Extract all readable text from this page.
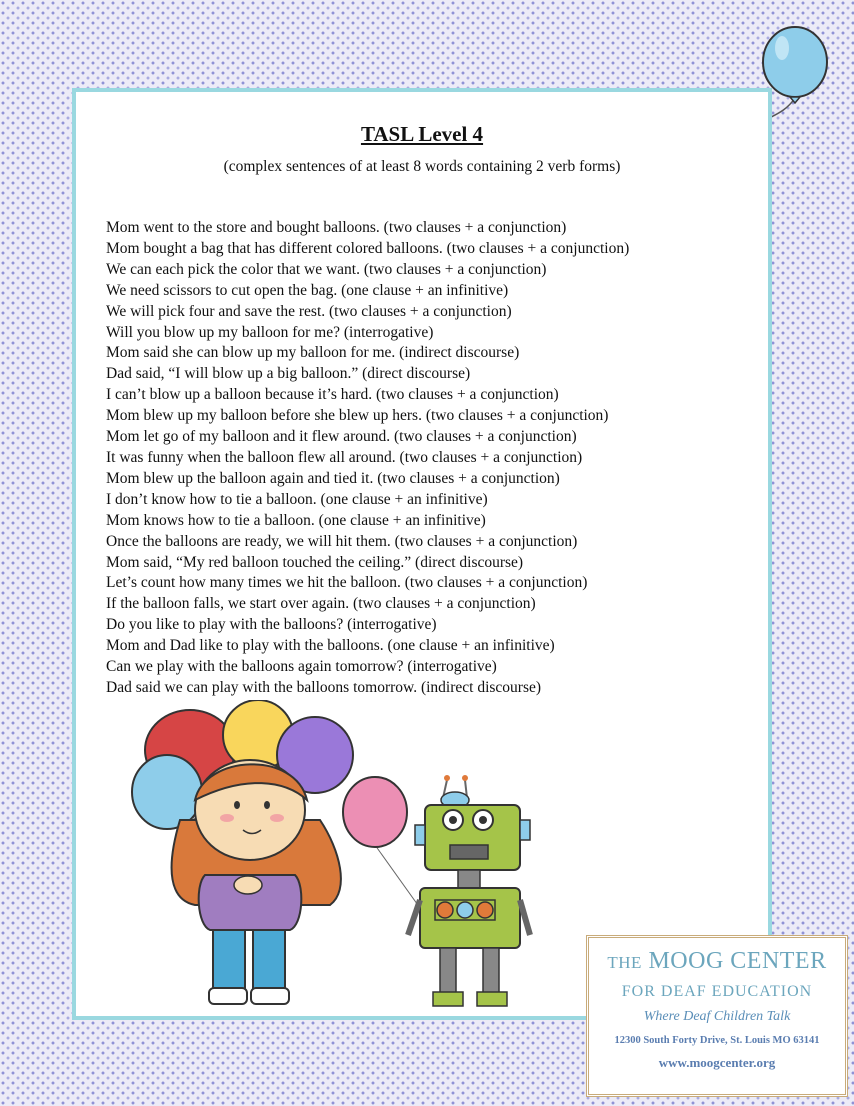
TASL Level 4
(complex sentences of at least 8 words containing 2 verb forms)
Mom went to the store and bought balloons. (two clauses + a conjunction)
Mom bought a bag that has different colored balloons. (two clauses + a conjunction)
We can each pick the color that we want. (two clauses + a conjunction)
We need scissors to cut open the bag. (one clause + an infinitive)
We will pick four and save the rest. (two clauses + a conjunction)
Will you blow up my balloon for me? (interrogative)
Mom said she can blow up my balloon for me. (indirect discourse)
Dad said, “I will blow up a big balloon.” (direct discourse)
I can’t blow up a balloon because it’s hard. (two clauses + a conjunction)
Mom blew up my balloon before she blew up hers. (two clauses + a conjunction)
Mom let go of my balloon and it flew around. (two clauses + a conjunction)
It was funny when the balloon flew all around. (two clauses + a conjunction)
Mom blew up the balloon again and tied it. (two clauses + a conjunction)
I don’t know how to tie a balloon. (one clause + an infinitive)
Mom knows how to tie a balloon. (one clause + an infinitive)
Once the balloons are ready, we will hit them. (two clauses + a conjunction)
Mom said, “My red balloon touched the ceiling.” (direct discourse)
Let’s count how many times we hit the balloon. (two clauses + a conjunction)
If the balloon falls, we start over again. (two clauses + a conjunction)
Do you like to play with the balloons? (interrogative)
Mom and Dad like to play with the balloons. (one clause + an infinitive)
Can we play with the balloons again tomorrow? (interrogative)
Dad said we can play with the balloons tomorrow. (indirect discourse)
THE MOOG CENTER
FOR DEAF EDUCATION
Where Deaf Children Talk
12300 South Forty Drive, St. Louis MO 63141
www.moogcenter.org
